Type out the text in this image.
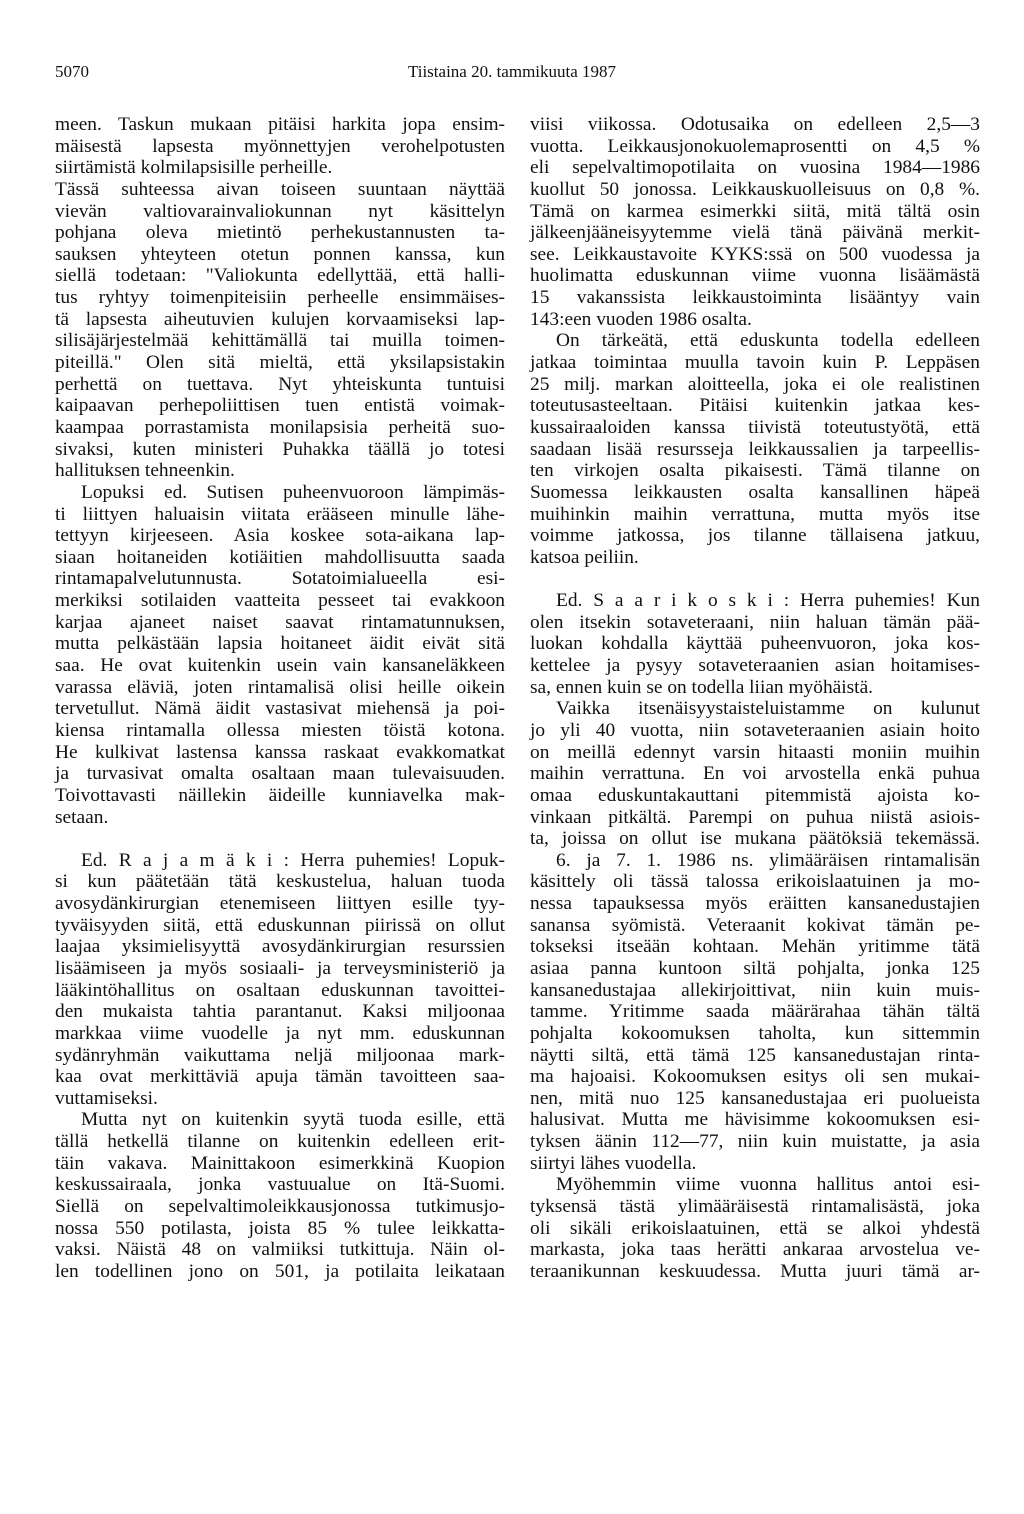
5070	Tiistaina 20. tammikuuta 1987
meen. Taskun mukaan pitäisi harkita jopa ensim-
mäisestä lapsesta myönnettyjen verohelpotusten
siirtämistä kolmilapsisille perheille.
Tässä suhteessa aivan toiseen suuntaan näyttää
vievän valtiovarainvaliokunnan nyt käsittelyn
pohjana oleva mietintö perhekustannusten ta-
sauksen yhteyteen otetun ponnen kanssa, kun
siellä todetaan: "Valiokunta edellyttää, että halli-
tus ryhtyy toimenpiteisiin perheelle ensimmäises-
tä lapsesta aiheutuvien kulujen korvaamiseksi lap-
silisäjärjestelmää kehittämällä tai muilla toimen-
piteillä." Olen sitä mieltä, että yksilapsistakin
perhettä on tuettava. Nyt yhteiskunta tuntuisi
kaipaavan perhepoliittisen tuen entistä voimak-
kaampaa porrastamista monilapsisia perheitä suo-
sivaksi, kuten ministeri Puhakka täällä jo totesi
hallituksen tehneenkin.
Lopuksi ed. Sutisen puheenvuoroon lämpimäs-
ti liittyen haluaisin viitata erääseen minulle lähe-
tettyyn kirjeeseen. Asia koskee sota-aikana lap-
siaan hoitaneiden kotiäitien mahdollisuutta saada
rintamapalvelutunnusta. Sotatoimialueella esi-
merkiksi sotilaiden vaatteita pesseet tai evakkoon
karjaa ajaneet naiset saavat rintamatunnuksen,
mutta pelkästään lapsia hoitaneet äidit eivät sitä
saa. He ovat kuitenkin usein vain kansaneläkkeen
varassa eläviä, joten rintamalisä olisi heille oikein
tervetullut. Nämä äidit vastasivat miehensä ja poi-
kiensa rintamalla ollessa miesten töistä kotona.
He kulkivat lastensa kanssa raskaat evakkomatkat
ja turvasivat omalta osaltaan maan tulevaisuuden.
Toivottavasti näillekin äideille kunniavelka mak-
setaan.
Ed. R a j a m ä k i : Herra puhemies! Lopuk-
si kun päätetään tätä keskustelua, haluan tuoda
avosydänkirurgian etenemiseen liittyen esille tyy-
tyväisyyden siitä, että eduskunnan piirissä on ollut
laajaa yksimielisyyttä avosydänkirurgian resurssien
lisäämiseen ja myös sosiaali- ja terveysministeriö ja
lääkintöhallitus on osaltaan eduskunnan tavoittei-
den mukaista tahtia parantanut. Kaksi miljoonaa
markkaa viime vuodelle ja nyt mm. eduskunnan
sydänryhmän vaikuttama neljä miljoonaa mark-
kaa ovat merkittäviä apuja tämän tavoitteen saa-
vuttamiseksi.
Mutta nyt on kuitenkin syytä tuoda esille, että
tällä hetkellä tilanne on kuitenkin edelleen erit-
täin vakava. Mainittakoon esimerkkinä Kuopion
keskussairaala, jonka vastuualue on Itä-Suomi.
Siellä on sepelvaltimoleikkausjonossa tutkimusjo-
nossa 550 potilasta, joista 85 % tulee leikkatta-
vaksi. Näistä 48 on valmiiksi tutkittuja. Näin ol-
len todellinen jono on 501, ja potilaita leikataan
viisi viikossa. Odotusaika on edelleen 2,5—3
vuotta. Leikkausjonokuolemaprosentti on 4,5 %
eli sepelvaltimopotilaita on vuosina 1984—1986
kuollut 50 jonossa. Leikkauskuolleisuus on 0,8 %.
Tämä on karmea esimerkki siitä, mitä tältä osin
jälkeenjääneisyytemme vielä tänä päivänä merkit-
see. Leikkaustavoite KYKS:ssä on 500 vuodessa ja
huolimatta eduskunnan viime vuonna lisäämästä
15 vakanssista leikkaustoiminta lisääntyy vain
143:een vuoden 1986 osalta.
On tärkeätä, että eduskunta todella edelleen
jatkaa toimintaa muulla tavoin kuin P. Leppäsen
25 milj. markan aloitteella, joka ei ole realistinen
toteutusasteeltaan. Pitäisi kuitenkin jatkaa kes-
kussairaaloiden kanssa tiivistä toteutustyötä, että
saadaan lisää resursseja leikkaussalien ja tarpeellis-
ten virkojen osalta pikaisesti. Tämä tilanne on
Suomessa leikkausten osalta kansallinen häpeä
muihinkin maihin verrattuna, mutta myös itse
voimme jatkossa, jos tilanne tällaisena jatkuu,
katsoa peiliin.
Ed. S a a r i k o s k i : Herra puhemies! Kun
olen itsekin sotaveteraani, niin haluan tämän pää-
luokan kohdalla käyttää puheenvuoron, joka kos-
kettelee ja pysyy sotaveteraanien asian hoitamises-
sa, ennen kuin se on todella liian myöhäistä.
Vaikka itsenäisyystaisteluistamme on kulunut
jo yli 40 vuotta, niin sotaveteraanien asiain hoito
on meillä edennyt varsin hitaasti moniin muihin
maihin verrattuna. En voi arvostella enkä puhua
omaa eduskuntakauttani pitemmistä ajoista ko-
vinkaan pitkältä. Parempi on puhua niistä asiois-
ta, joissa on ollut ise mukana päätöksiä tekemässä.
6. ja 7. 1. 1986 ns. ylimääräisen rintamalisän
käsittely oli tässä talossa erikoislaatuinen ja mo-
nessa tapauksessa myös eräitten kansanedustajien
sanansa syömistä. Veteraanit kokivat tämän pe-
tokseksi itseään kohtaan. Mehän yritimme tätä
asiaa panna kuntoon siltä pohjalta, jonka 125
kansanedustajaa allekirjoittivat, niin kuin muis-
tamme. Yritimme saada määrärahaa tähän tältä
pohjalta kokoomuksen taholta, kun sittemmin
näytti siltä, että tämä 125 kansanedustajan rinta-
ma hajoaisi. Kokoomuksen esitys oli sen mukai-
nen, mitä nuo 125 kansanedustajaa eri puolueista
halusivat. Mutta me hävisimme kokoomuksen esi-
tyksen äänin 112—77, niin kuin muistatte, ja asia
siirtyi lähes vuodella.
Myöhemmin viime vuonna hallitus antoi esi-
tyksensä tästä ylimääräisestä rintamalisästä, joka
oli sikäli erikoislaatuinen, että se alkoi yhdestä
markasta, joka taas herätti ankaraa arvostelua ve-
teraanikunnan keskuudessa. Mutta juuri tämä ar-
